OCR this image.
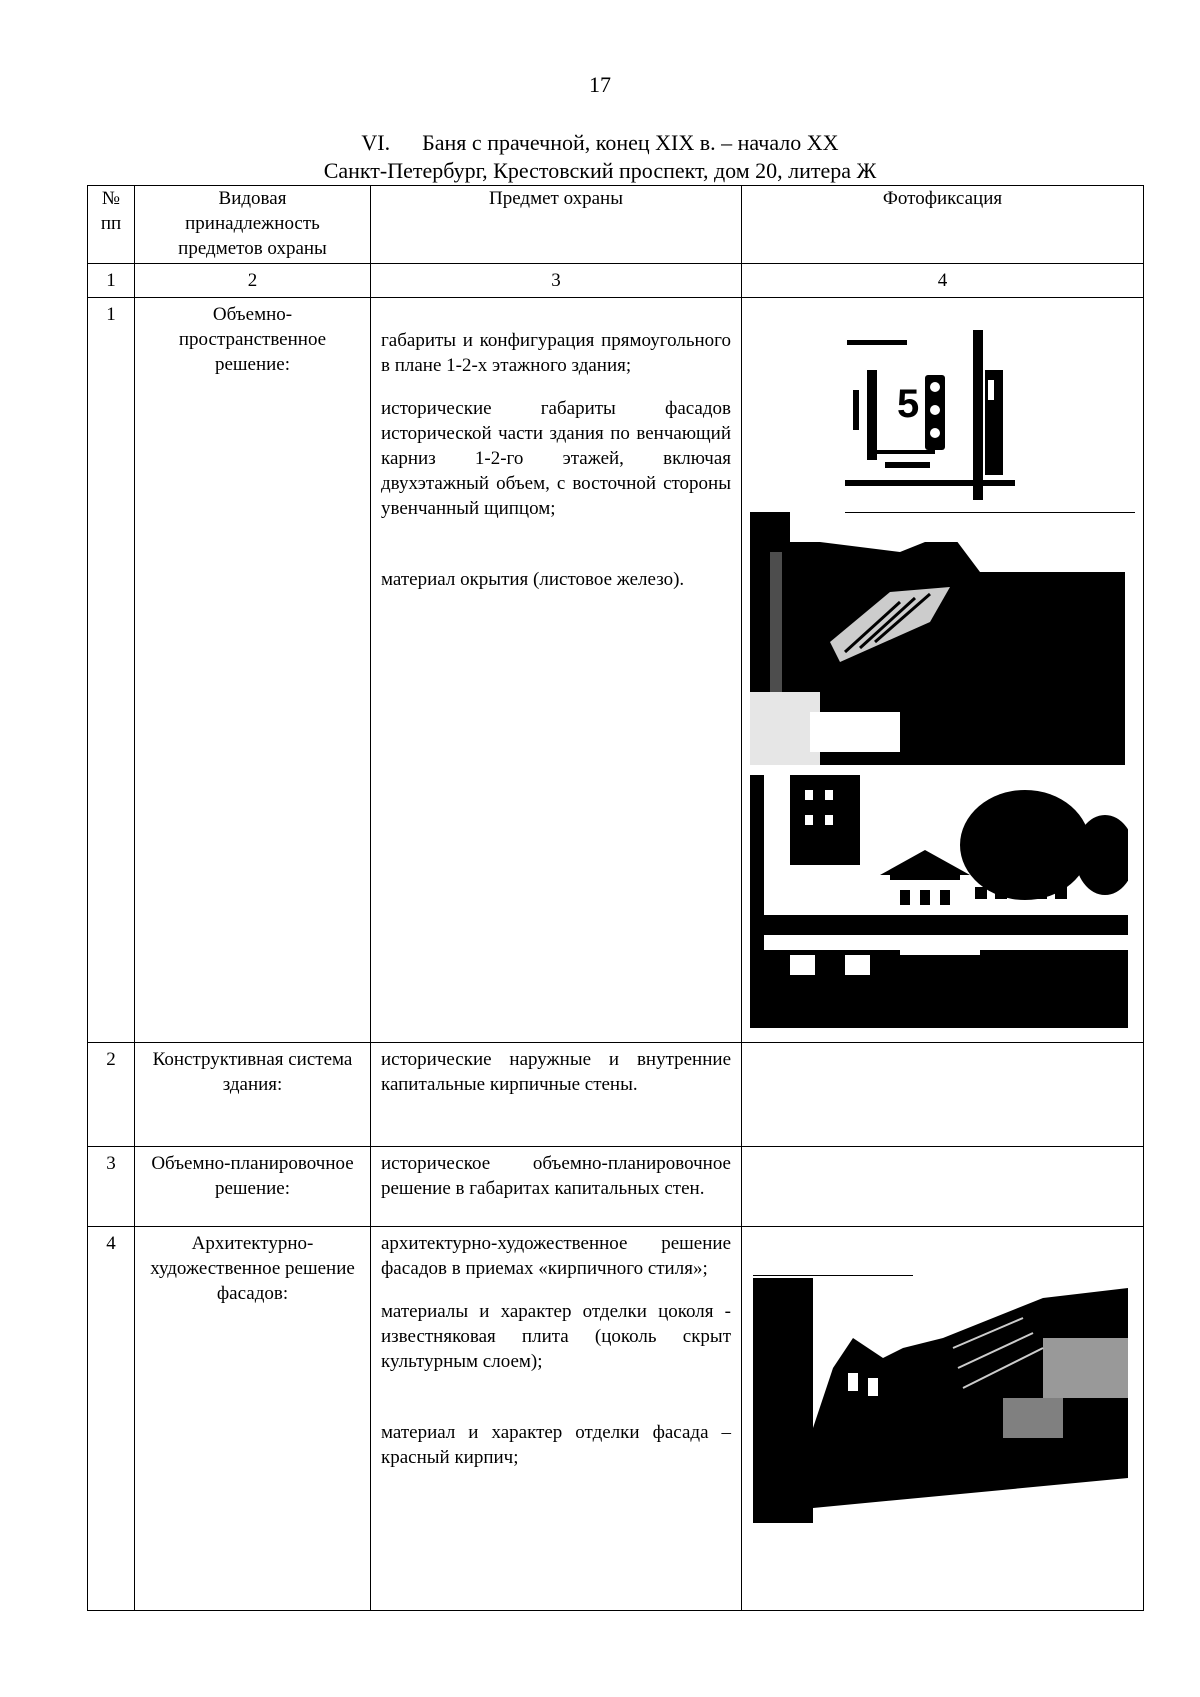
17
VI. Баня с прачечной, конец XIX в. – начало XX
Санкт-Петербург, Крестовский проспект, дом 20, литера Ж
№
пп	Видовая принадлежность предметов охраны	Предмет охраны	Фотофиксация
1	2	3	4
1	Объемно-пространственное решение:	габариты и конфигурация прямоугольного в плане 1-2-х этажного здания;
исторические габариты фасадов исторической части здания по венчающий карниз 1-2-го этажей, включая двухэтажный объем, с восточной стороны увенчанный щипцом;
материал окрытия (листовое железо).	

2	Конструктивная система здания:	исторические наружные и внутренние капитальные кирпичные стены.	

3	Объемно-планировочное решение:	историческое объемно-планировочное решение в габаритах капитальных стен.	

4	Архитектурно-художественное решение фасадов:	архитектурно-художественное решение фасадов в приемах «кирпичного стиля»;
материалы и характер отделки цоколя - известняковая плита (цоколь скрыт культурным слоем);
материал и характер отделки фасада – красный кирпич;	

5
